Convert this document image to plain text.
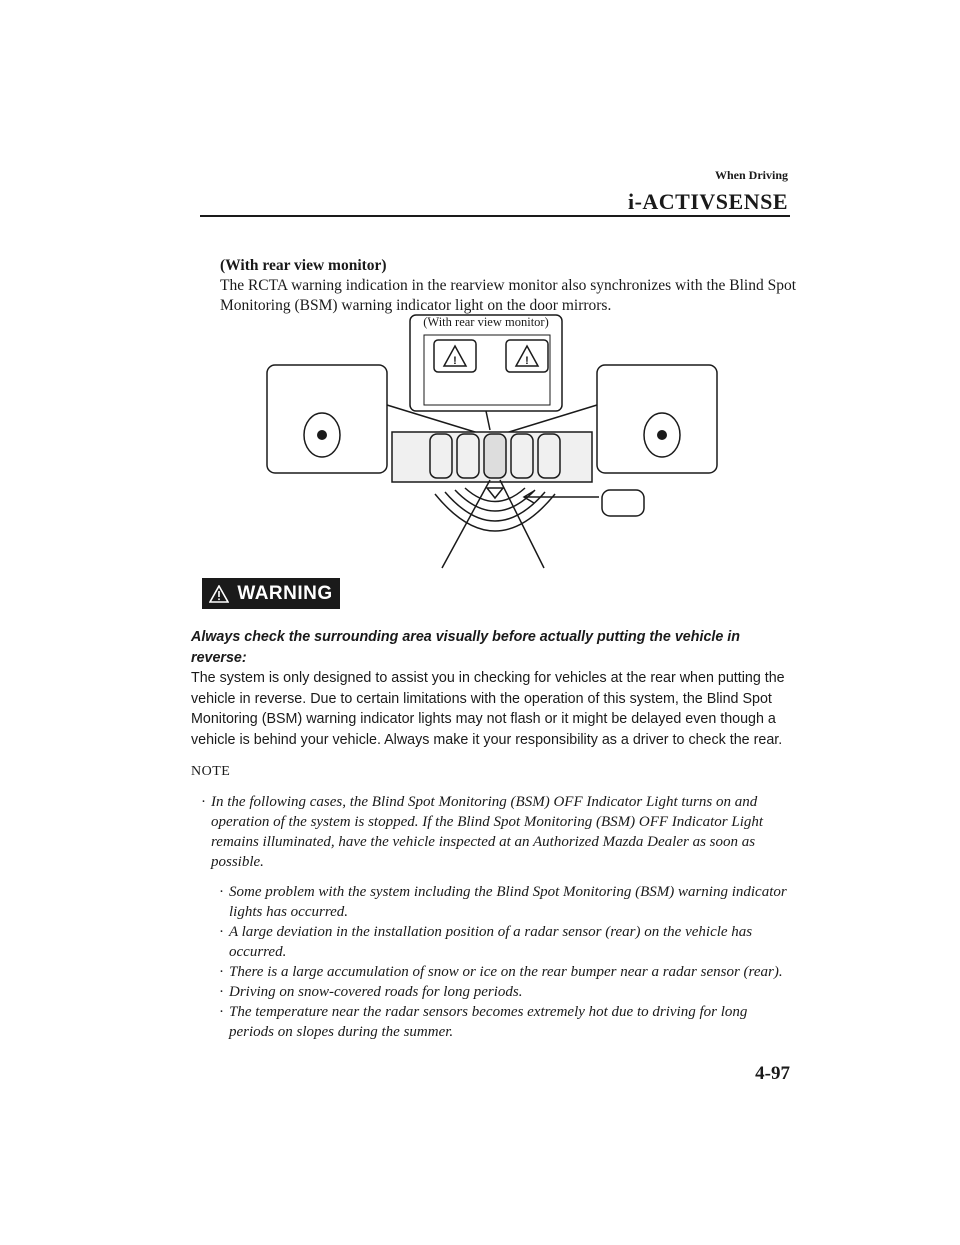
When Driving
i-ACTIVSENSE
(With rear view monitor)
The RCTA warning indication in the rearview monitor also synchronizes with the Blind Spot Monitoring (BSM) warning indicator light on the door mirrors.
!	!
(With rear view monitor)
WARNING
Always check the surrounding area visually before actually putting the vehicle in reverse:
The system is only designed to assist you in checking for vehicles at the rear when putting the vehicle in reverse. Due to certain limitations with the operation of this system, the Blind Spot Monitoring (BSM) warning indicator lights may not flash or it might be delayed even though a vehicle is behind your vehicle. Always make it your responsibility as a driver to check the rear.
NOTE
· In the following cases, the Blind Spot Monitoring (BSM) OFF Indicator Light turns on and operation of the system is stopped. If the Blind Spot Monitoring (BSM) OFF Indicator Light remains illuminated, have the vehicle inspected at an Authorized Mazda Dealer as soon as possible.
· Some problem with the system including the Blind Spot Monitoring (BSM) warning indicator lights has occurred.
· A large deviation in the installation position of a radar sensor (rear) on the vehicle has occurred.
· There is a large accumulation of snow or ice on the rear bumper near a radar sensor (rear).
· Driving on snow-covered roads for long periods.
· The temperature near the radar sensors becomes extremely hot due to driving for long periods on slopes during the summer.
4-97
